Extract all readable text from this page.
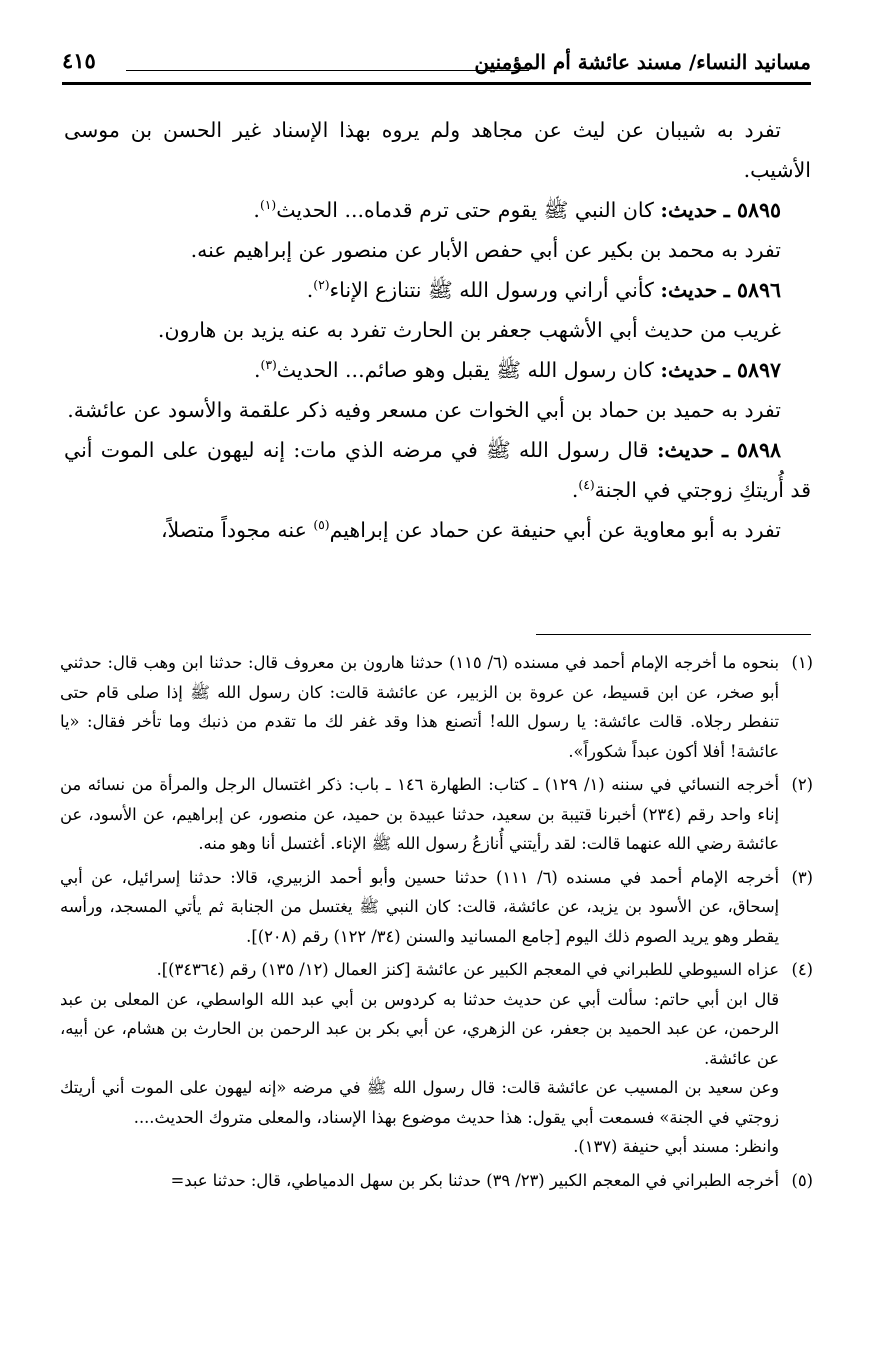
مسانيد النساء/ مسند عائشة أم المؤمنين
٤١٥

تفرد به شيبان عن ليث عن مجاهد ولم يروه بهذا الإسناد غير الحسن بن موسى الأشيب.

٥٨٩٥ ـ حديث: كان النبي ﷺ يقوم حتى ترم قدماه... الحديث$^{(١)}$.

تفرد به محمد بن بكير عن أبي حفص الأبار عن منصور عن إبراهيم عنه.

٥٨٩٦ ـ حديث: كأني أراني ورسول الله ﷺ نتنازع الإناء$^{(٢)}$.

غريب من حديث أبي الأشهب جعفر بن الحارث تفرد به عنه يزيد بن هارون.

٥٨٩٧ ـ حديث: كان رسول الله ﷺ يقبل وهو صائم... الحديث$^{(٣)}$.

تفرد به حميد بن حماد بن أبي الخوات عن مسعر وفيه ذكر علقمة والأسود عن عائشة.

٥٨٩٨ ـ حديث: قال رسول الله ﷺ في مرضه الذي مات: إنه ليهون على الموت أني قد أُريتكِ زوجتي في الجنة$^{(٤)}$.

تفرد به أبو معاوية عن أبي حنيفة عن حماد عن إبراهيم$^{(٥)}$ عنه مجوداً متصلاً،

(١)

بنحوه ما أخرجه الإمام أحمد في مسنده (٦/ ١١٥) حدثنا هارون بن معروف قال: حدثنا ابن وهب قال: حدثني أبو صخر، عن ابن قسيط، عن عروة بن الزبير، عن عائشة قالت: كان رسول الله ﷺ إذا صلى قام حتى تنفطر رجلاه. قالت عائشة: يا رسول الله! أتصنع هذا وقد غفر لك ما تقدم من ذنبك وما تأخر فقال: «يا عائشة! أفلا أكون عبداً شكوراً».

(٢)

أخرجه النسائي في سننه (١/ ١٢٩) ـ كتاب: الطهارة ١٤٦ ـ باب: ذكر اغتسال الرجل والمرأة من نسائه من إناء واحد رقم (٢٣٤) أخبرنا قتيبة بن سعيد، حدثنا عبيدة بن حميد، عن منصور، عن إبراهيم، عن الأسود، عن عائشة رضي الله عنهما قالت: لقد رأيتني أُنازعُ رسول الله ﷺ الإناء. أغتسل أنا وهو منه.

(٣)

أخرجه الإمام أحمد في مسنده (٦/ ١١١) حدثنا حسين وأبو أحمد الزبيري، قالا: حدثنا إسرائيل، عن أبي إسحاق، عن الأسود بن يزيد، عن عائشة، قالت: كان النبي ﷺ يغتسل من الجنابة ثم يأتي المسجد، ورأسه يقطر وهو يريد الصوم ذلك اليوم [جامع المسانيد والسنن (٣٤/ ١٢٢) رقم (٢٠٨)].

(٤)

عزاه السيوطي للطبراني في المعجم الكبير عن عائشة [كنز العمال (١٢/ ١٣٥) رقم (٣٤٣٦٤)].

قال ابن أبي حاتم: سألت أبي عن حديث حدثنا به كردوس بن أبي عبد الله الواسطي، عن المعلى بن عبد الرحمن، عن عبد الحميد بن جعفر، عن الزهري، عن أبي بكر بن عبد الرحمن بن الحارث بن هشام، عن أبيه، عن عائشة.

وعن سعيد بن المسيب عن عائشة قالت: قال رسول الله ﷺ في مرضه «إنه ليهون على الموت أني أريتك زوجتي في الجنة» فسمعت أبي يقول: هذا حديث موضوع بهذا الإسناد، والمعلى متروك الحديث....

وانظر: مسند أبي حنيفة (١٣٧).

(٥)

أخرجه الطبراني في المعجم الكبير (٢٣/ ٣٩) حدثنا بكر بن سهل الدمياطي، قال: حدثنا عبد=
